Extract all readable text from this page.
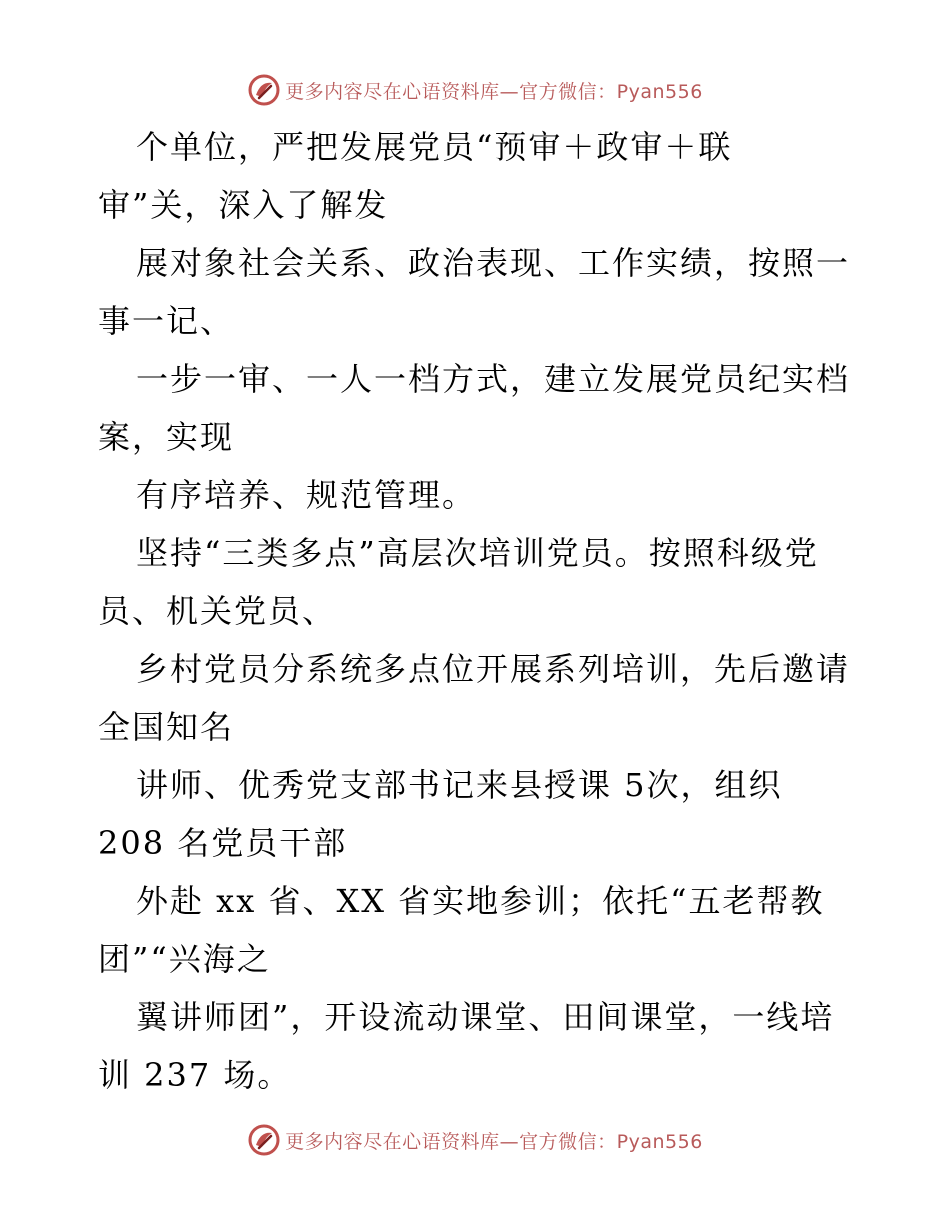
更多内容尽在心语资料库—官方微信：Pyan556
个单位，严把发展党员“预审＋政审＋联
审”关，深入了解发
展对象社会关系、政治表现、工作实绩，按照一
事一记、
一步一审、一人一档方式，建立发展党员纪实档
案，实现
有序培养、规范管理。
坚持“三类多点”高层次培训党员。按照科级党
员、机关党员、
乡村党员分系统多点位开展系列培训，先后邀请
全国知名
讲师、优秀党支部书记来县授课 5次，组织
208 名党员干部
外赴 xx 省、XX 省实地参训；依托“五老帮教
团”“兴海之
翼讲师团”，开设流动课堂、田间课堂，一线培
训 237 场。
更多内容尽在心语资料库—官方微信：Pyan556
